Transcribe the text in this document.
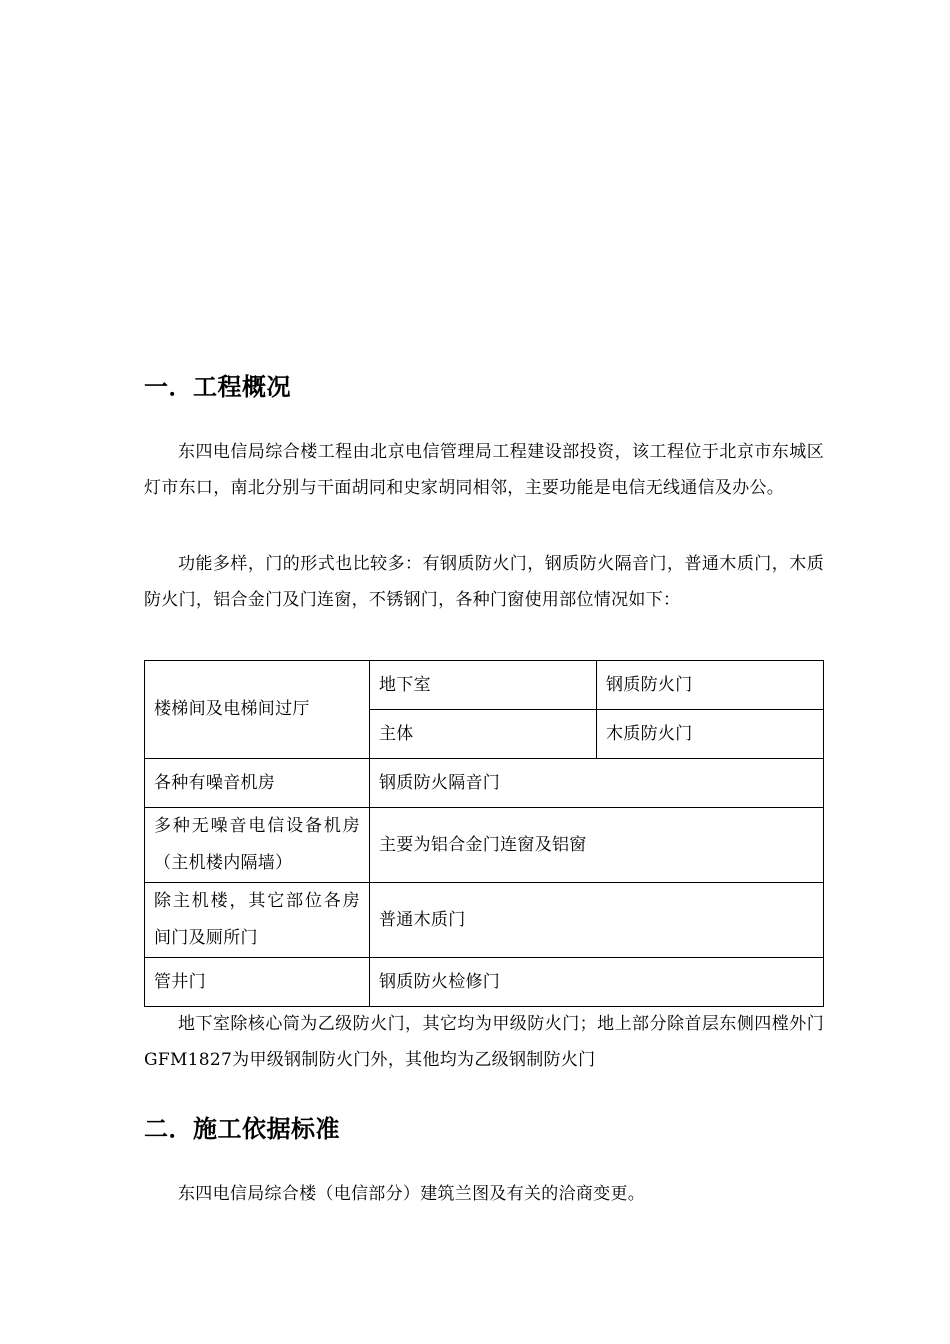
一．工程概况

东四电信局综合楼工程由北京电信管理局工程建设部投资，该工程位于北京市东城区灯市东口，南北分别与干面胡同和史家胡同相邻，主要功能是电信无线通信及办公。

功能多样，门的形式也比较多：有钢质防火门，钢质防火隔音门，普通木质门，木质防火门，铝合金门及门连窗，不锈钢门，各种门窗使用部位情况如下：

楼梯间及电梯间过厅	地下室	钢质防火门
	主体	木质防火门
各种有噪音机房	钢质防火隔音门	
多种无噪音电信设备机房（主机楼内隔墙）	主要为铝合金门连窗及铝窗	
除主机楼，其它部位各房间门及厕所门	普通木质门	
管井门	钢质防火检修门	

地下室除核心筒为乙级防火门，其它均为甲级防火门；地上部分除首层东侧四樘外门GFM1827为甲级钢制防火门外，其他均为乙级钢制防火门

二．施工依据标准

东四电信局综合楼（电信部分）建筑兰图及有关的洽商变更。
